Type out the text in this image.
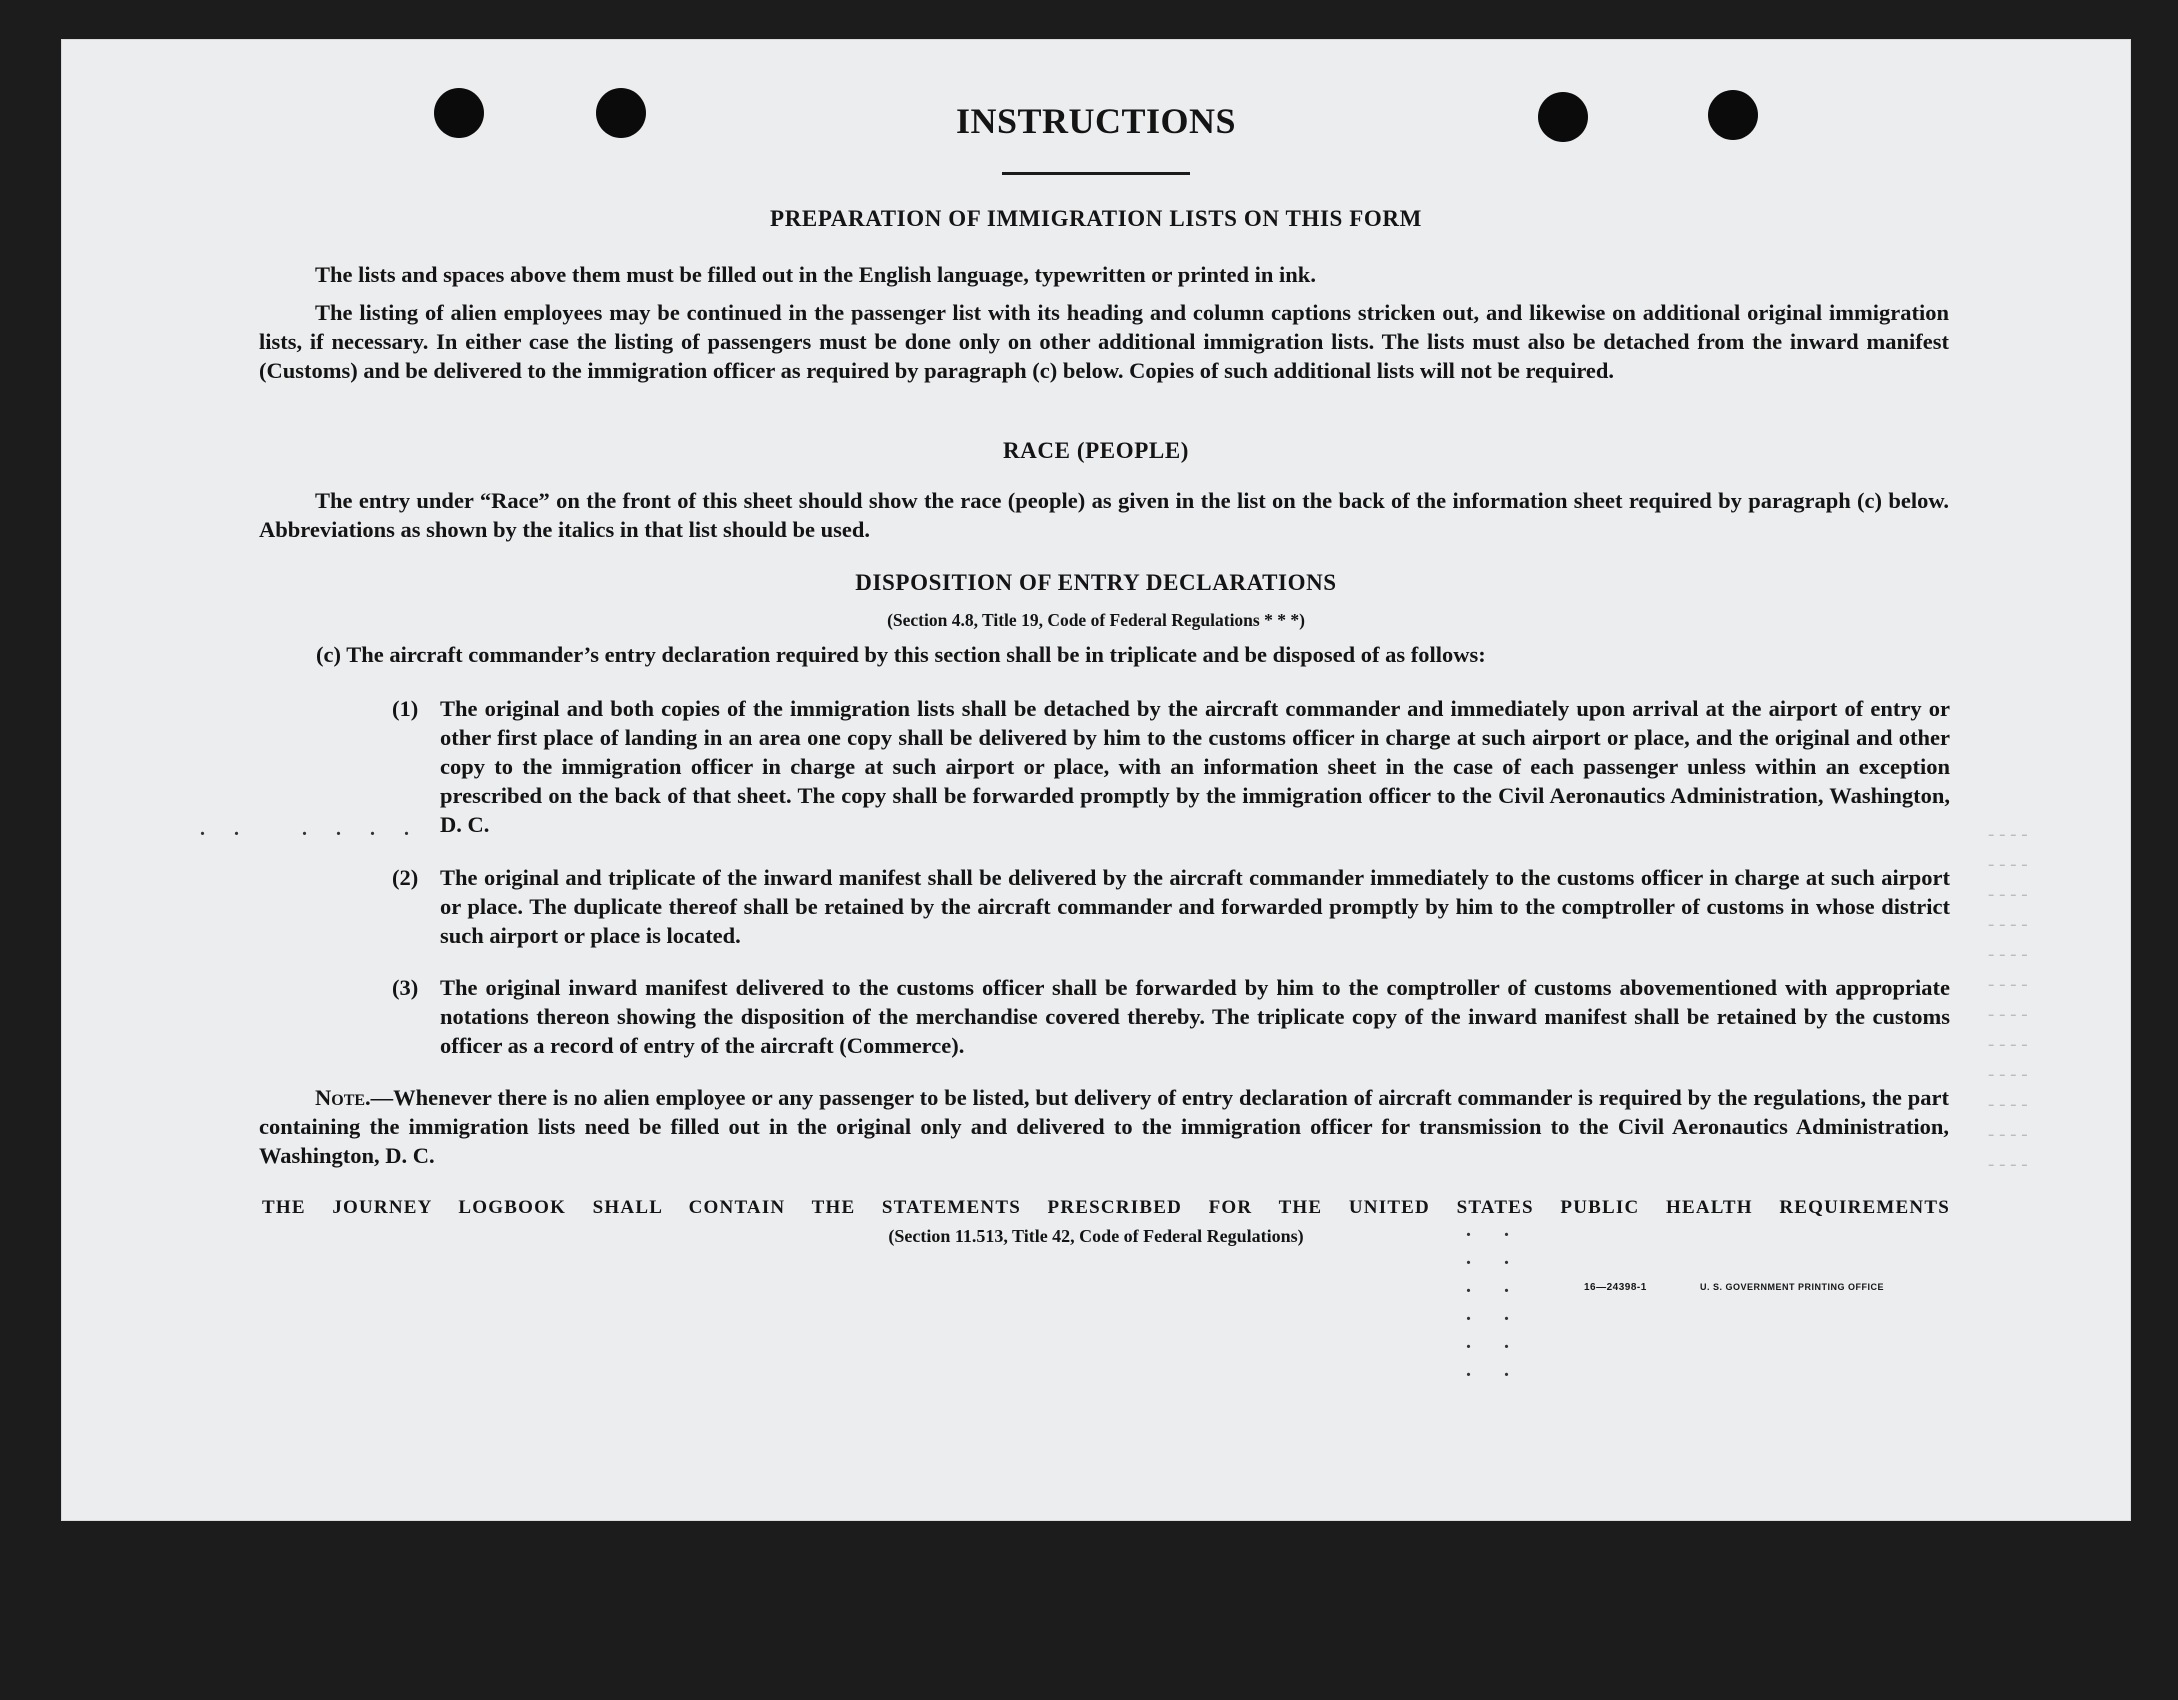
- - - -
- - - -
- - - -
- - - -
- - - -
- - - -
- - - -
- - - -
- - - -
- - - -
- - - -
- - - -
INSTRUCTIONS
PREPARATION OF IMMIGRATION LISTS ON THIS FORM
The lists and spaces above them must be filled out in the English language, typewritten or printed in ink.
The listing of alien employees may be continued in the passenger list with its heading and column captions stricken out, and likewise on additional original immigration lists, if necessary. In either case the listing of passengers must be done only on other additional immigration lists. The lists must also be detached from the inward manifest (Customs) and be delivered to the immigration officer as required by paragraph (c) below. Copies of such additional lists will not be required.
RACE (PEOPLE)
The entry under “Race” on the front of this sheet should show the race (people) as given in the list on the back of the information sheet required by paragraph (c) below. Abbreviations as shown by the italics in that list should be used.
DISPOSITION OF ENTRY DECLARATIONS
(Section 4.8, Title 19, Code of Federal Regulations * * *)
(c) The aircraft commander’s entry declaration required by this section shall be in triplicate and be disposed of as follows:
(1) The original and both copies of the immigration lists shall be detached by the aircraft commander and immediately upon arrival at the airport of entry or other first place of landing in an area one copy shall be delivered by him to the customs officer in charge at such airport or place, and the original and other copy to the immigration officer in charge at such airport or place, with an information sheet in the case of each passenger unless within an exception prescribed on the back of that sheet. The copy shall be forwarded promptly by the immigration officer to the Civil Aeronautics Administration, Washington, D. C.
. .   . . . .
(2) The original and triplicate of the inward manifest shall be delivered by the aircraft commander immediately to the customs officer in charge at such airport or place. The duplicate thereof shall be retained by the aircraft commander and forwarded promptly by him to the comptroller of customs in whose district such airport or place is located.
(3) The original inward manifest delivered to the customs officer shall be forwarded by him to the comptroller of customs abovementioned with appropriate notations thereon showing the disposition of the merchandise covered thereby. The triplicate copy of the inward manifest shall be retained by the customs officer as a record of entry of the aircraft (Commerce).
Note.—Whenever there is no alien employee or any passenger to be listed, but delivery of entry declaration of aircraft commander is required by the regulations, the part containing the immigration lists need be filled out in the original only and delivered to the immigration officer for transmission to the Civil Aeronautics Administration, Washington, D. C.
THE JOURNEY LOGBOOK SHALL CONTAIN THE STATEMENTS PRESCRIBED FOR THE UNITED STATES PUBLIC HEALTH REQUIREMENTS
(Section 11.513, Title 42, Code of Federal Regulations)	. .
. .
. .
. .
. .
. .
16—24398-1	U. S. GOVERNMENT PRINTING OFFICE
